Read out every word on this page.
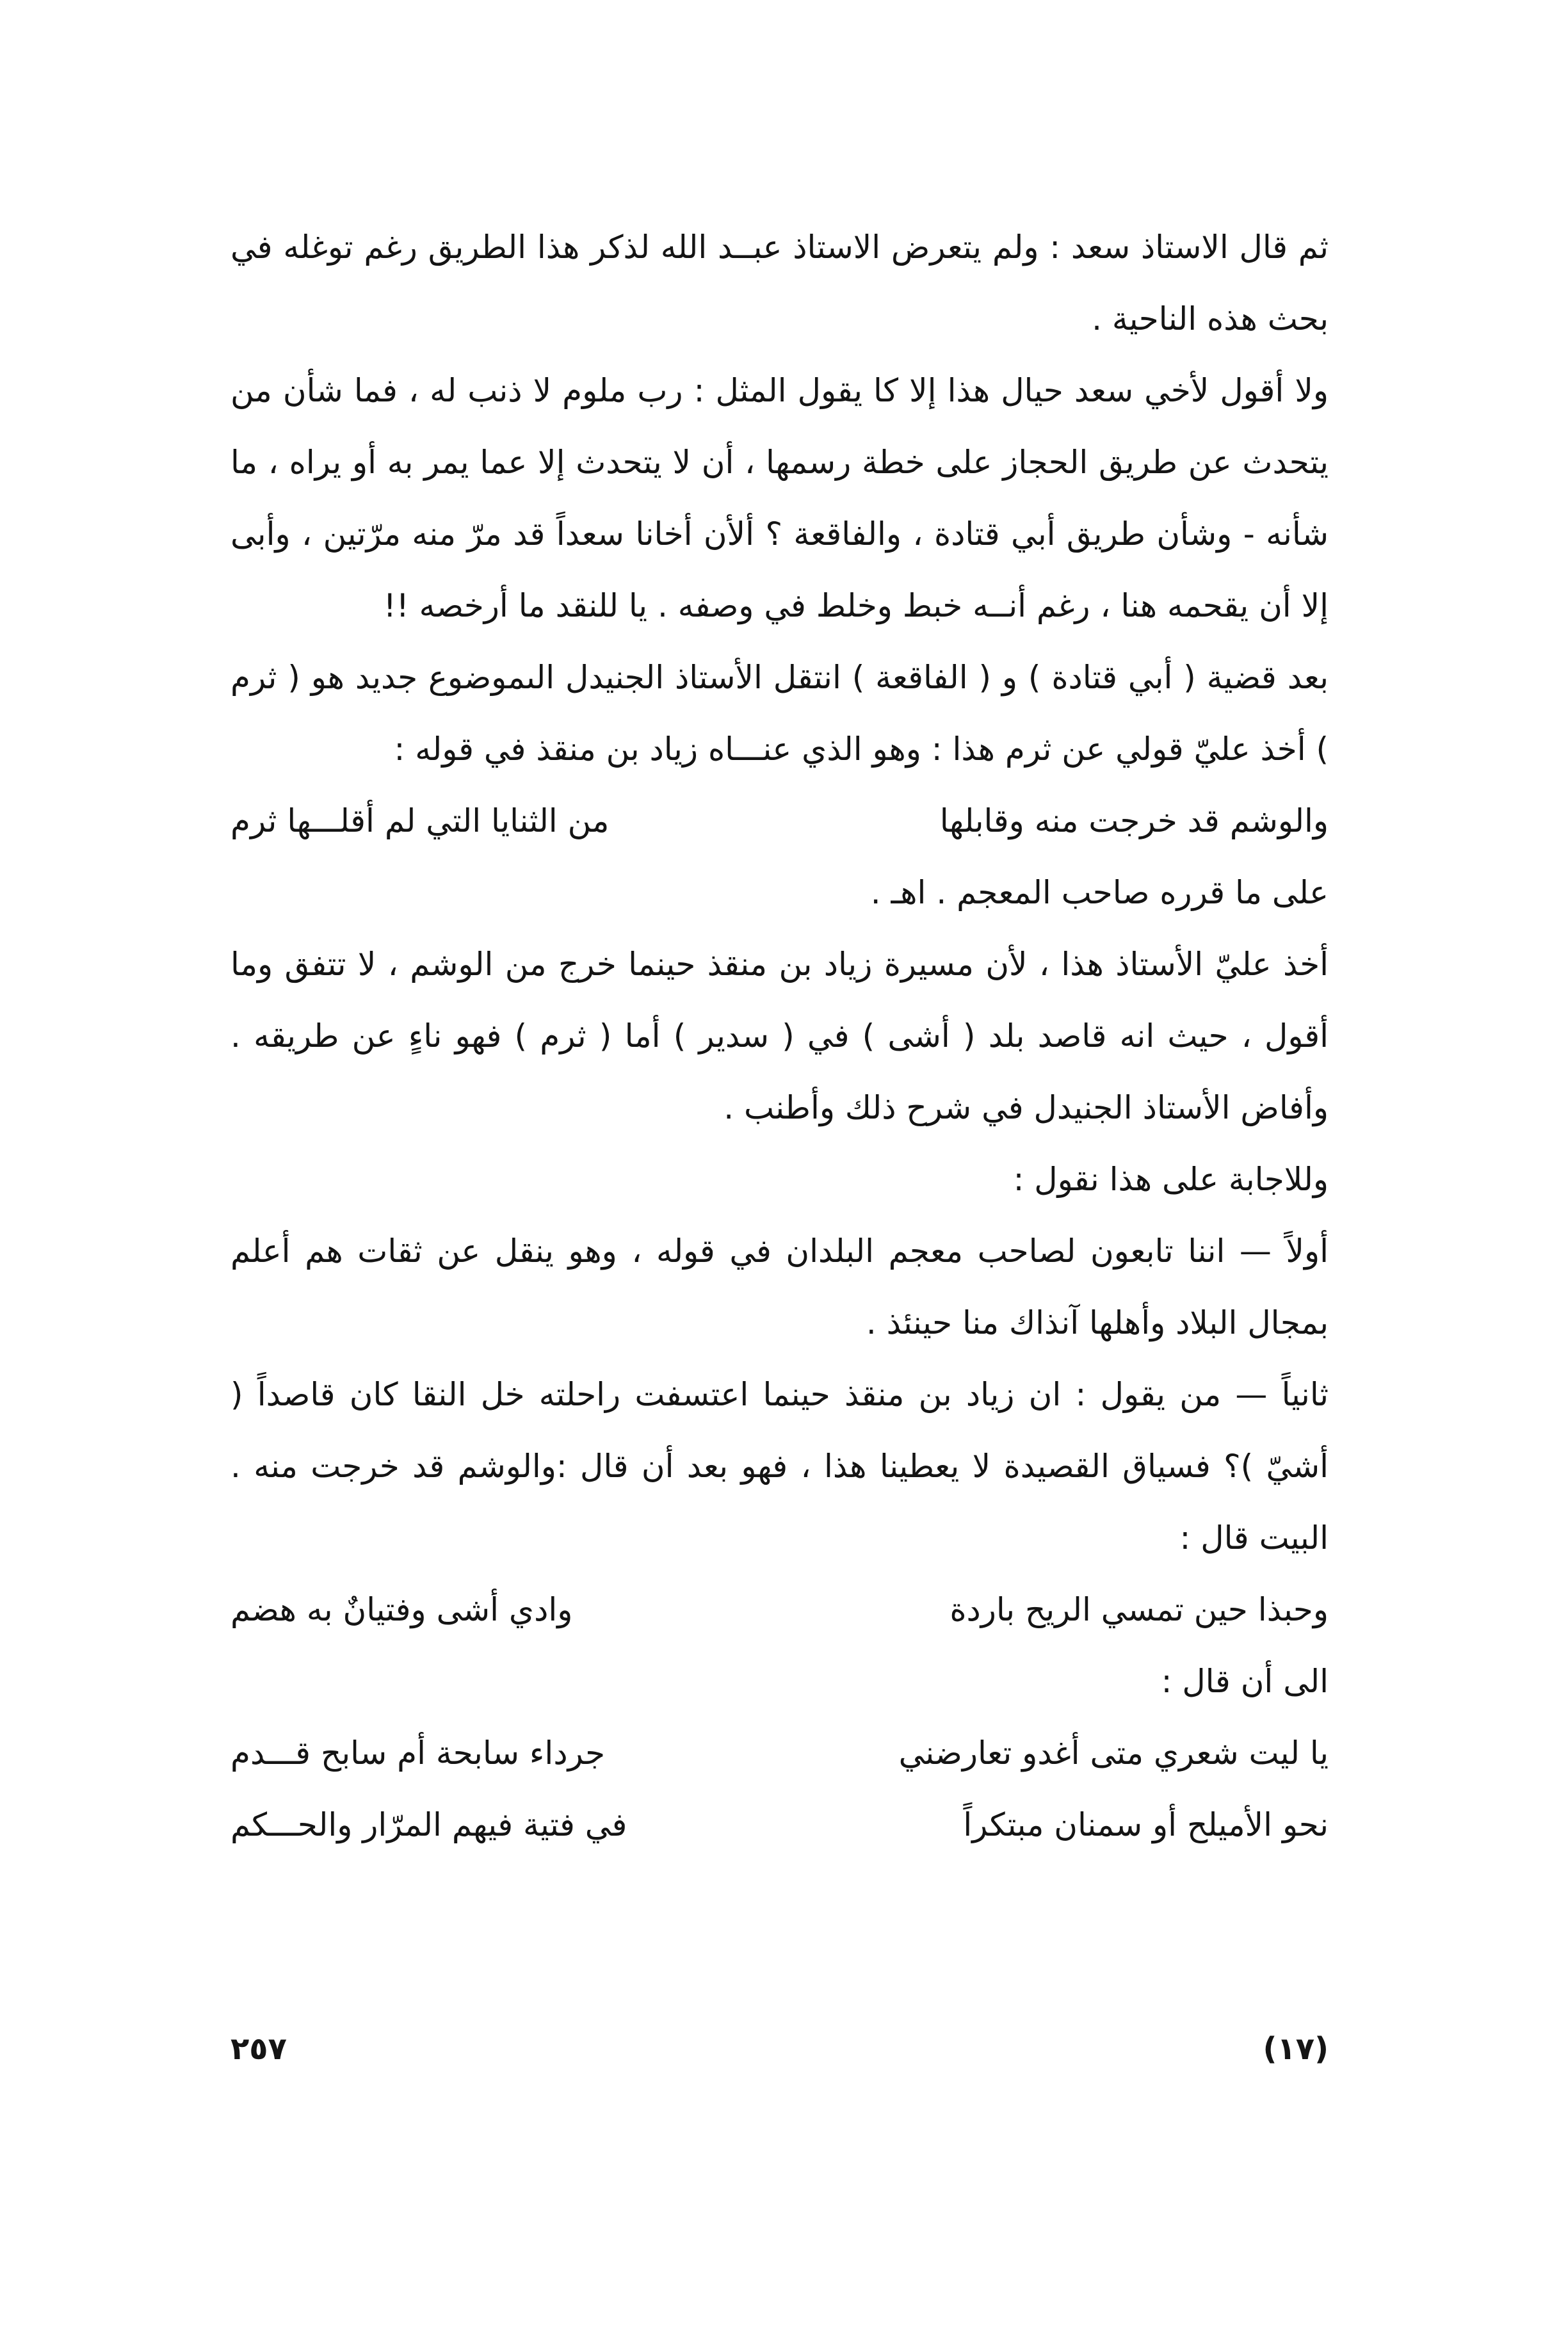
ثم قال الاستاذ سعد : ولم يتعرض الاستاذ عبــد الله لذكر هذا الطريق رغم توغله في بحث هذه الناحية .

ولا أقول لأخي سعد حيال هذا إلا كا يقول المثل : رب ملوم لا ذنب له ، فما شأن من يتحدث عن طريق الحجاز على خطة رسمها ، أن لا يتحدث إلا عما يمر به أو يراه ، ما شأنه - وشأن طريق أبي قتادة ، والفاقعة ؟ ألأن أخانا سعداً قد مرّ منه مرّتين ، وأبى إلا أن يقحمه هنا ، رغم أنــه خبط وخلط في وصفه . يا للنقد ما أرخصه !!

بعد قضية ( أبي قتادة ) و ( الفاقعة ) انتقل الأستاذ الجنيدل الىموضوع جديد هو ( ثرم ) أخذ عليّ قولي عن ثرم هذا : وهو الذي عنـــاه زياد بن منقذ في قوله :

والوشم قد خرجت منه وقابلها
من الثنايا التي لم أقلـــها ثرم

على ما قرره صاحب المعجم . اهـ .

أخذ عليّ الأستاذ هذا ، لأن مسيرة زياد بن منقذ حينما خرج من الوشم ، لا تتفق وما أقول ، حيث انه قاصد بلد ( أشى ) في ( سدير ) أما ( ثرم ) فهو ناءٍ عن طريقه . وأفاض الأستاذ الجنيدل في شرح ذلك وأطنب .

وللاجابة على هذا نقول :

أولاً — اننا تابعون لصاحب معجم البلدان في قوله ، وهو ينقل عن ثقات هم أعلم بمجال البلاد وأهلها آنذاك منا حينئذ .

ثانياً — من يقول : ان زياد بن منقذ حينما اعتسفت راحلته خل النقا كان قاصداً ( أشيّ )؟ فسياق القصيدة لا يعطينا هذا ، فهو بعد أن قال :والوشم قد خرجت منه . البيت قال :

وحبذا حين تمسي الريح باردة
وادي أشى وفتيانٌ به هضم

الى أن قال :

يا ليت شعري متى أغدو تعارضني
جرداء سابحة أم سابح قـــدم
نحو الأميلح أو سمنان مبتكراً
في فتية فيهم المرّار والحـــكم
(١٧)
٢٥٧
